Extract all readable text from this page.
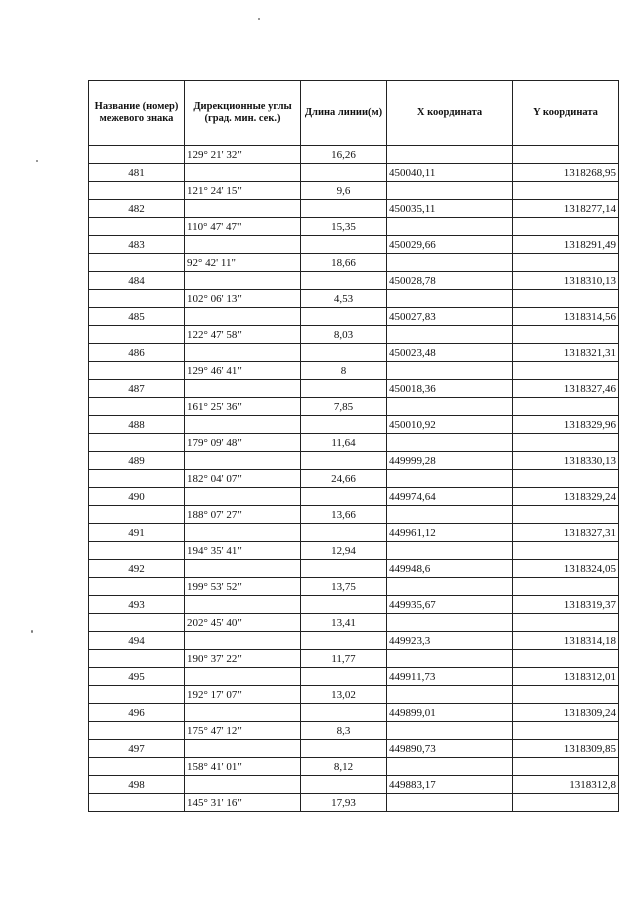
Название (номер) межевого знака	Дирекционные углы (град. мин. сек.)	Длина линии(м)	X координата	Y координата
	129° 21' 32"	16,26		
481			450040,11	1318268,95
	121° 24' 15"	9,6		
482			450035,11	1318277,14
	110° 47' 47"	15,35		
483			450029,66	1318291,49
	92° 42' 11"	18,66		
484			450028,78	1318310,13
	102° 06' 13"	4,53		
485			450027,83	1318314,56
	122° 47' 58"	8,03		
486			450023,48	1318321,31
	129° 46' 41"	8		
487			450018,36	1318327,46
	161° 25' 36"	7,85		
488			450010,92	1318329,96
	179° 09' 48"	11,64		
489			449999,28	1318330,13
	182° 04' 07"	24,66		
490			449974,64	1318329,24
	188° 07' 27"	13,66		
491			449961,12	1318327,31
	194° 35' 41"	12,94		
492			449948,6	1318324,05
	199° 53' 52"	13,75		
493			449935,67	1318319,37
	202° 45' 40"	13,41		
494			449923,3	1318314,18
	190° 37' 22"	11,77		
495			449911,73	1318312,01
	192° 17' 07"	13,02		
496			449899,01	1318309,24
	175° 47' 12"	8,3		
497			449890,73	1318309,85
	158° 41' 01"	8,12		
498			449883,17	1318312,8
	145° 31' 16"	17,93		
